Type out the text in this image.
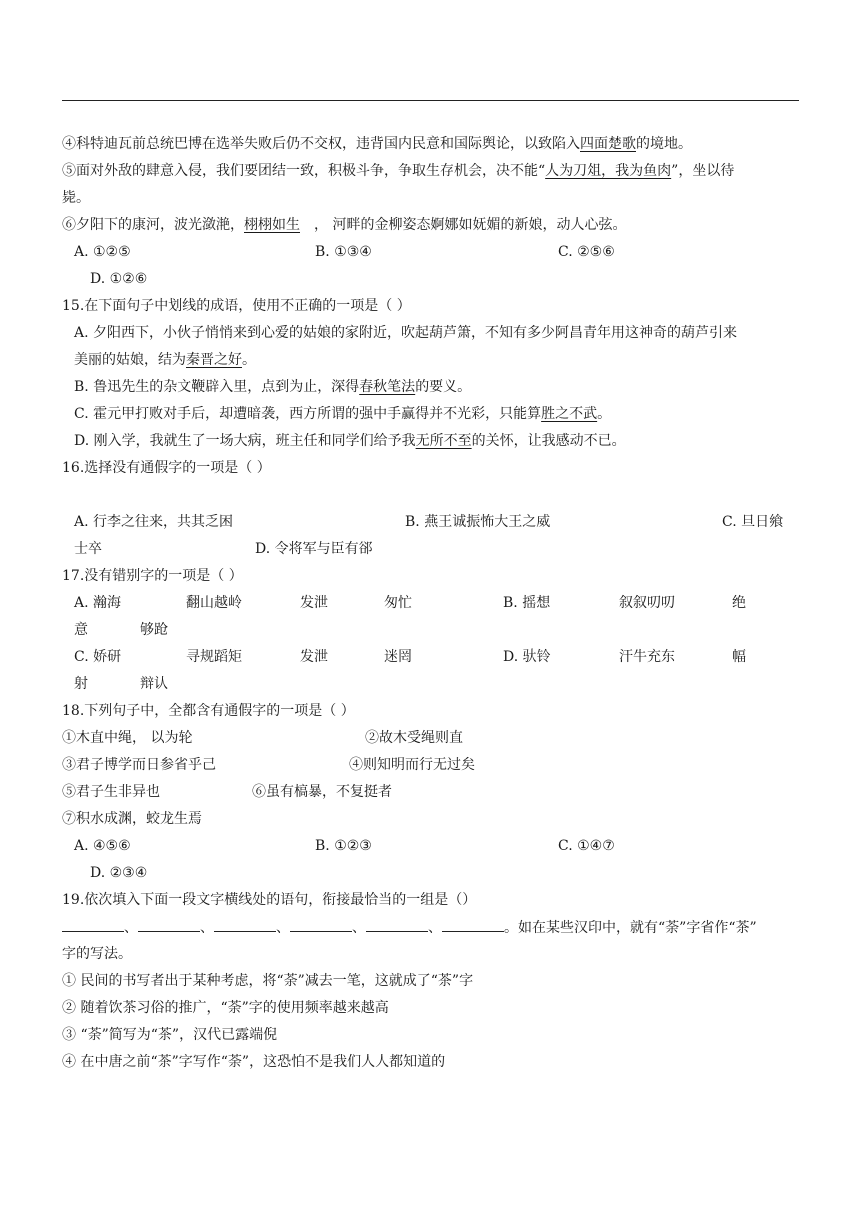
④科特迪瓦前总统巴博在选举失败后仍不交权，违背国内民意和国际舆论，以致陷入四面楚歌的境地。
⑤面对外敌的肆意入侵，我们要团结一致，积极斗争，争取生存机会，决不能“人为刀俎，我为鱼肉”，坐以待
毙。
⑥夕阳下的康河，波光潋滟，栩栩如生 ， 河畔的金柳姿态婀娜如妩媚的新娘，动人心弦。
A. ①②⑤	B. ①③④	C. ②⑤⑥
D. ①②⑥
15.在下面句子中划线的成语，使用不正确的一项是（ ）
A. 夕阳西下，小伙子悄悄来到心爱的姑娘的家附近，吹起葫芦箫，不知有多少阿昌青年用这神奇的葫芦引来
美丽的姑娘，结为秦晋之好。
B. 鲁迅先生的杂文鞭辟入里，点到为止，深得春秋笔法的要义。
C. 霍元甲打败对手后，却遭暗袭，西方所谓的强中手赢得并不光彩，只能算胜之不武。
D. 刚入学，我就生了一场大病，班主任和同学们给予我无所不至的关怀，让我感动不已。
16.选择没有通假字的一项是（ ）
A. 行李之往来，共其乏困	B. 燕王诚振怖大王之威	C. 旦日飨
士卒	D. 令将军与臣有郤
17.没有错别字的一项是（ ）
A. 瀚海	翻山越岭	发泄	匆忙	B. 摇想	叙叙叨叨	绝
意	够跄
C. 娇研	寻规蹈矩	发泄	迷罔	D. 驮铃	汗牛充东	幅
射	辩认
18.下列句子中，全都含有通假字的一项是（ ）
①木直中绳， 以为轮	②故木受绳则直
③君子博学而日参省乎己	④则知明而行无过矣
⑤君子生非异也	⑥虽有槁暴，不复挺者
⑦积水成渊，蛟龙生焉
A. ④⑤⑥	B. ①②③	C. ①④⑦
D. ②③④
19.依次填入下面一段文字横线处的语句，衔接最恰当的一组是（）
、	、	、	、	、	。如在某些汉印中，就有“荼”字省作“茶”
字的写法。
① 民间的书写者出于某种考虑，将“荼”减去一笔，这就成了“茶”字
② 随着饮茶习俗的推广，“荼”字的使用频率越来越高
③ “荼”简写为“茶”，汉代已露端倪
④ 在中唐之前“茶”字写作“荼”，这恐怕不是我们人人都知道的
